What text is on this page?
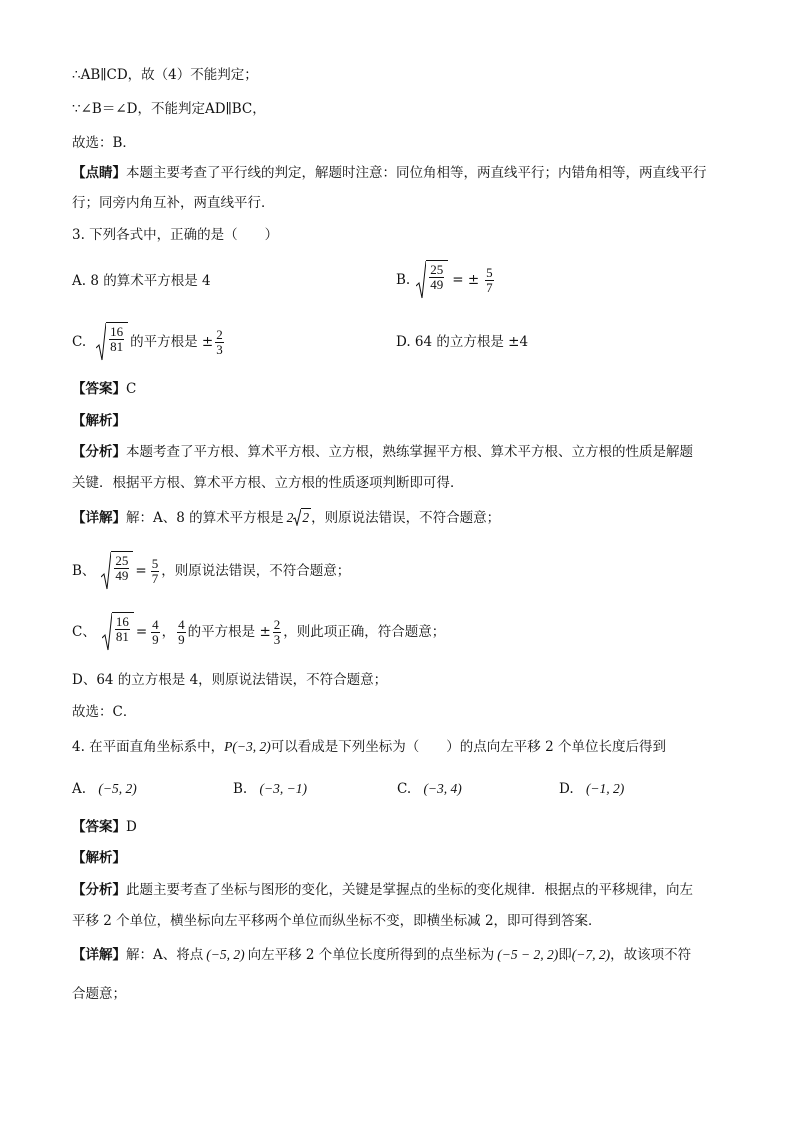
∴AB∥CD，故（4）不能判定；
∵∠B＝∠D，不能判定AD∥BC，
故选：B．
【点睛】本题主要考查了平行线的判定，解题时注意：同位角相等，两直线平行；内错角相等，两直线平行
行；同旁内角互补，两直线平行．
3. 下列各式中，正确的是（　　）
A. 8 的算术平方根是 4	B. $\frac{25}{49}$ = ± $\frac{5}{7}$
C. $\frac{16}{81}$ 的平方根是 ± $\frac{2}{3}$	D. 64 的立方根是 ±4
【答案】C
【解析】
【分析】本题考查了平方根、算术平方根、立方根，熟练掌握平方根、算术平方根、立方根的性质是解题
关键．根据平方根、算术平方根、立方根的性质逐项判断即可得．
【详解】 解：A、8 的算术平方根是 2 2 ，则原说法错误，不符合题意；
B、 $\frac{25}{49} = \frac{5}{7}$ ，则原说法错误，不符合题意；
C、 $\frac{16}{81} = \frac{4}{9}$ ， $\frac{4}{9}$ 的平方根是 ± $\frac{2}{3}$ ，则此项正确，符合题意；
D、64 的立方根是 4，则原说法错误，不符合题意；
故选：C．
4. 在平面直角坐标系中，P(−3, 2)可以看成是下列坐标为（　　）的点向左平移 2 个单位长度后得到
A. (−5, 2)	B. (−3, −1)	C. (−3, 4)	D. (−1, 2)
【答案】D
【解析】
【分析】此题主要考查了坐标与图形的变化，关键是掌握点的坐标的变化规律．根据点的平移规律，向左
平移 2 个单位，横坐标向左平移两个单位而纵坐标不变，即横坐标减 2，即可得到答案．
【详解】解：A、将点 (−5, 2) 向左平移 2 个单位长度所得到的点坐标为 (−5 − 2, 2)即(−7, 2)，故该项不符
合题意；
